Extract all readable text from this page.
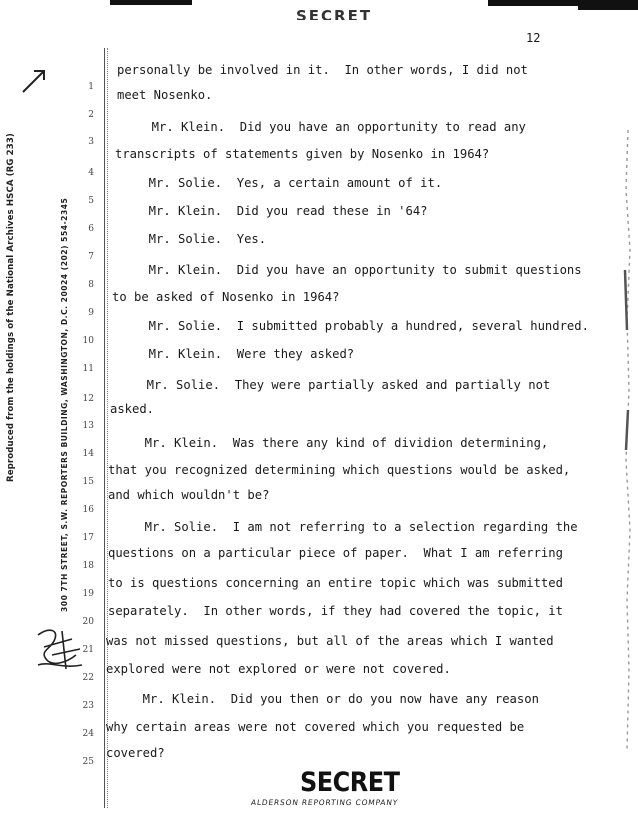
SECRET
12
Reproduced from the holdings of the National Archives HSCA (RG 233)	300 7TH STREET, S.W. REPORTERS BUILDING, WASHINGTON, D.C. 20024 (202) 554-2345
1
2
3
4
5
6
7
8
9
10
11
12
13
14
15
16
17
18
19
20
21
22
23
24
25
personally be involved in it.  In other words, I did not
meet Nosenko.
Mr. Klein.  Did you have an opportunity to read any
transcripts of statements given by Nosenko in 1964?
Mr. Solie.  Yes, a certain amount of it.
Mr. Klein.  Did you read these in '64?
Mr. Solie.  Yes.
Mr. Klein.  Did you have an opportunity to submit questions
to be asked of Nosenko in 1964?
Mr. Solie.  I submitted probably a hundred, several hundred.
Mr. Klein.  Were they asked?
Mr. Solie.  They were partially asked and partially not
asked.
Mr. Klein.  Was there any kind of dividion determining,
that you recognized determining which questions would be asked,
and which wouldn't be?
Mr. Solie.  I am not referring to a selection regarding the
questions on a particular piece of paper.  What I am referring
to is questions concerning an entire topic which was submitted
separately.  In other words, if they had covered the topic, it
was not missed questions, but all of the areas which I wanted
explored were not explored or were not covered.
Mr. Klein.  Did you then or do you now have any reason
why certain areas were not covered which you requested be
covered?
SECRET
ALDERSON REPORTING COMPANY
